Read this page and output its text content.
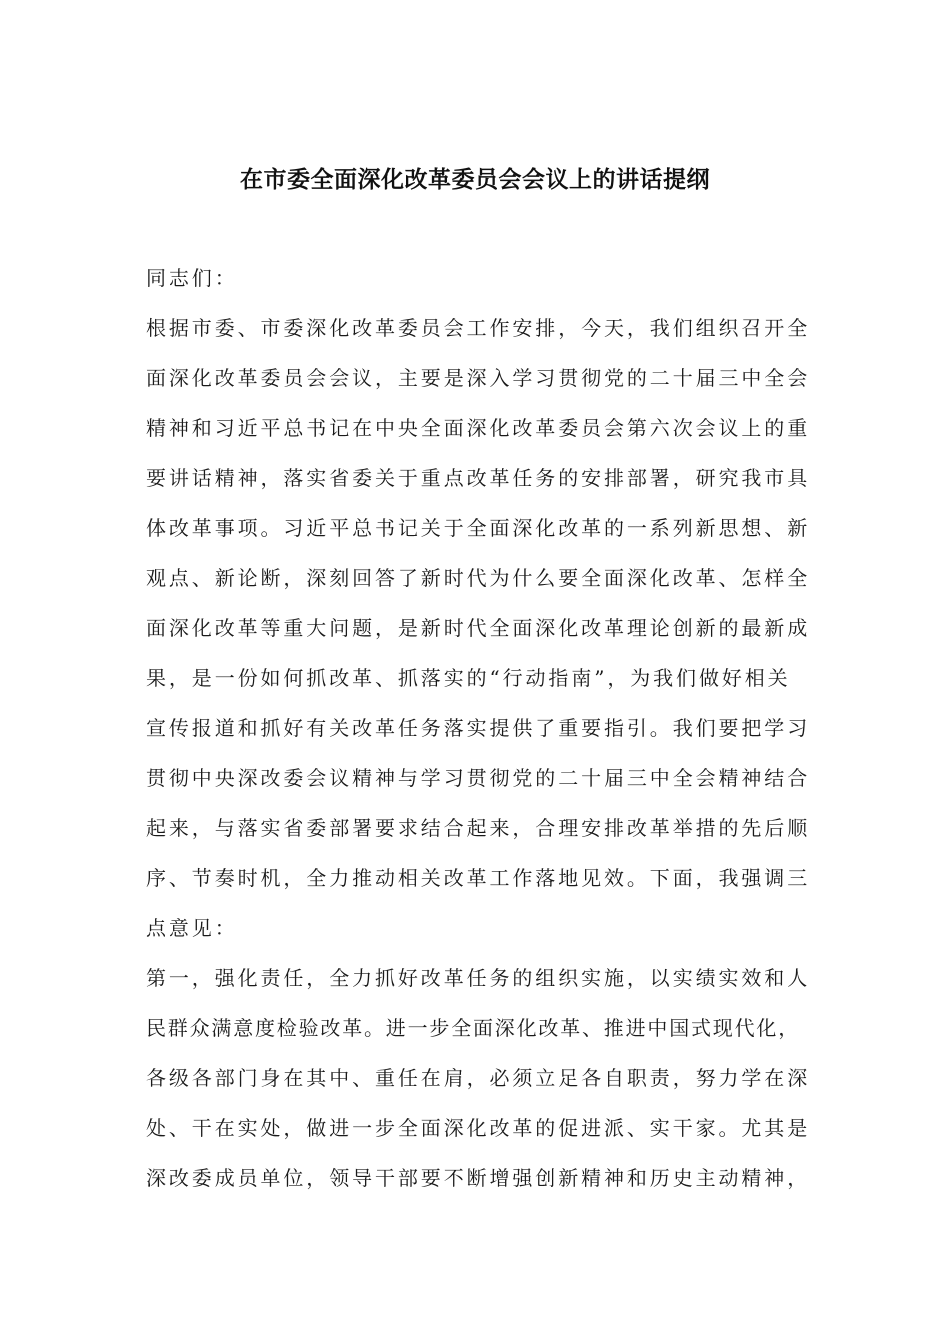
在市委全面深化改革委员会会议上的讲话提纲
同志们：
根据市委、市委深化改革委员会工作安排，今天，我们组织召开全
面深化改革委员会会议，主要是深入学习贯彻党的二十届三中全会
精神和习近平总书记在中央全面深化改革委员会第六次会议上的重
要讲话精神，落实省委关于重点改革任务的安排部署，研究我市具
体改革事项。习近平总书记关于全面深化改革的一系列新思想、新
观点、新论断，深刻回答了新时代为什么要全面深化改革、怎样全
面深化改革等重大问题，是新时代全面深化改革理论创新的最新成
果，是一份如何抓改革、抓落实的“行动指南”，为我们做好相关
宣传报道和抓好有关改革任务落实提供了重要指引。我们要把学习
贯彻中央深改委会议精神与学习贯彻党的二十届三中全会精神结合
起来，与落实省委部署要求结合起来，合理安排改革举措的先后顺
序、节奏时机，全力推动相关改革工作落地见效。下面，我强调三
点意见：
第一，强化责任，全力抓好改革任务的组织实施，以实绩实效和人
民群众满意度检验改革。进一步全面深化改革、推进中国式现代化，
各级各部门身在其中、重任在肩，必须立足各自职责，努力学在深
处、干在实处，做进一步全面深化改革的促进派、实干家。尤其是
深改委成员单位，领导干部要不断增强创新精神和历史主动精神，
